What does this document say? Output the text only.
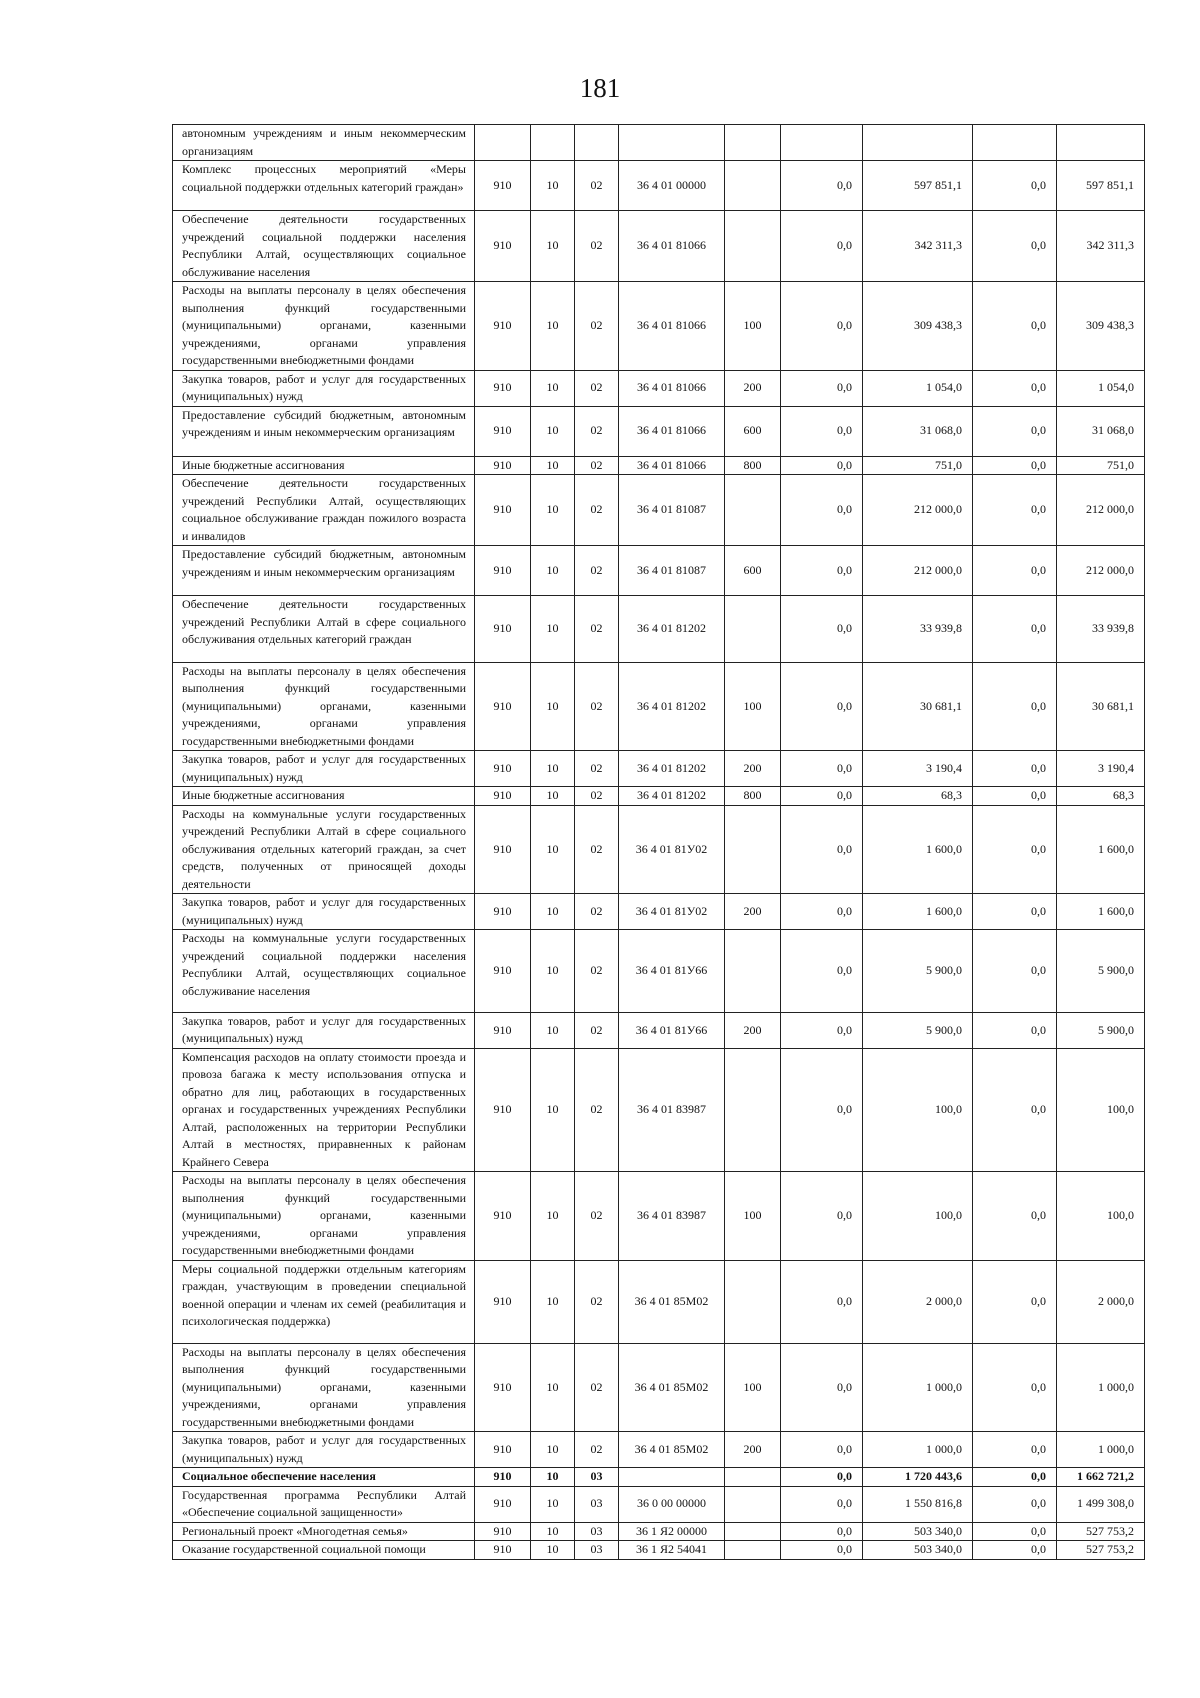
181
автономным учреждениям и иным некоммерческим организациям									
Комплекс процессных мероприятий «Меры социальной поддержки отдельных категорий граждан»	910	10	02	36 4 01 00000		0,0	597 851,1	0,0	597 851,1
Обеспечение деятельности государственных учреждений социальной поддержки населения Республики Алтай, осуществляющих социальное обслуживание населения	910	10	02	36 4 01 81066		0,0	342 311,3	0,0	342 311,3
Расходы на выплаты персоналу в целях обеспечения выполнения функций государственными (муниципальными) органами, казенными учреждениями, органами управления государственными внебюджетными фондами	910	10	02	36 4 01 81066	100	0,0	309 438,3	0,0	309 438,3
Закупка товаров, работ и услуг для государственных (муниципальных) нужд	910	10	02	36 4 01 81066	200	0,0	1 054,0	0,0	1 054,0
Предоставление субсидий бюджетным, автономным учреждениям и иным некоммерческим организациям	910	10	02	36 4 01 81066	600	0,0	31 068,0	0,0	31 068,0
Иные бюджетные ассигнования	910	10	02	36 4 01 81066	800	0,0	751,0	0,0	751,0
Обеспечение деятельности государственных учреждений Республики Алтай, осуществляющих социальное обслуживание граждан пожилого возраста и инвалидов	910	10	02	36 4 01 81087		0,0	212 000,0	0,0	212 000,0
Предоставление субсидий бюджетным, автономным учреждениям и иным некоммерческим организациям	910	10	02	36 4 01 81087	600	0,0	212 000,0	0,0	212 000,0
Обеспечение деятельности государственных учреждений Республики Алтай в сфере социального обслуживания отдельных категорий граждан	910	10	02	36 4 01 81202		0,0	33 939,8	0,0	33 939,8
Расходы на выплаты персоналу в целях обеспечения выполнения функций государственными (муниципальными) органами, казенными учреждениями, органами управления государственными внебюджетными фондами	910	10	02	36 4 01 81202	100	0,0	30 681,1	0,0	30 681,1
Закупка товаров, работ и услуг для государственных (муниципальных) нужд	910	10	02	36 4 01 81202	200	0,0	3 190,4	0,0	3 190,4
Иные бюджетные ассигнования	910	10	02	36 4 01 81202	800	0,0	68,3	0,0	68,3
Расходы на коммунальные услуги государственных учреждений Республики Алтай в сфере социального обслуживания отдельных категорий граждан, за счет средств, полученных от приносящей доходы деятельности	910	10	02	36 4 01 81У02		0,0	1 600,0	0,0	1 600,0
Закупка товаров, работ и услуг для государственных (муниципальных) нужд	910	10	02	36 4 01 81У02	200	0,0	1 600,0	0,0	1 600,0
Расходы на коммунальные услуги государственных учреждений социальной поддержки населения Республики Алтай, осуществляющих социальное обслуживание населения	910	10	02	36 4 01 81У66		0,0	5 900,0	0,0	5 900,0
Закупка товаров, работ и услуг для государственных (муниципальных) нужд	910	10	02	36 4 01 81У66	200	0,0	5 900,0	0,0	5 900,0
Компенсация расходов на оплату стоимости проезда и провоза багажа к месту использования отпуска и обратно для лиц, работающих в государственных органах и государственных учреждениях Республики Алтай, расположенных на территории Республики Алтай в местностях, приравненных к районам Крайнего Севера	910	10	02	36 4 01 83987		0,0	100,0	0,0	100,0
Расходы на выплаты персоналу в целях обеспечения выполнения функций государственными (муниципальными) органами, казенными учреждениями, органами управления государственными внебюджетными фондами	910	10	02	36 4 01 83987	100	0,0	100,0	0,0	100,0
Меры социальной поддержки отдельным категориям граждан, участвующим в проведении специальной военной операции и членам их семей (реабилитация и психологическая поддержка)	910	10	02	36 4 01 85М02		0,0	2 000,0	0,0	2 000,0
Расходы на выплаты персоналу в целях обеспечения выполнения функций государственными (муниципальными) органами, казенными учреждениями, органами управления государственными внебюджетными фондами	910	10	02	36 4 01 85М02	100	0,0	1 000,0	0,0	1 000,0
Закупка товаров, работ и услуг для государственных (муниципальных) нужд	910	10	02	36 4 01 85М02	200	0,0	1 000,0	0,0	1 000,0
Социальное обеспечение населения	910	10	03			0,0	1 720 443,6	0,0	1 662 721,2
Государственная программа Республики Алтай «Обеспечение социальной защищенности»	910	10	03	36 0 00 00000		0,0	1 550 816,8	0,0	1 499 308,0
Региональный проект «Многодетная семья»	910	10	03	36 1 Я2 00000		0,0	503 340,0	0,0	527 753,2
Оказание государственной социальной помощи	910	10	03	36 1 Я2 54041		0,0	503 340,0	0,0	527 753,2
